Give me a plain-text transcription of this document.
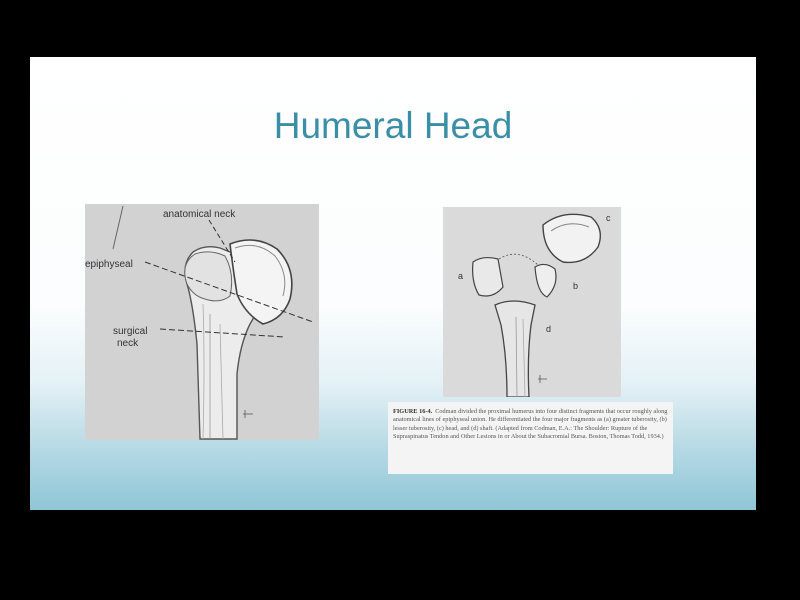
Humeral Head
anatomical neck
epiphyseal
surgical
neck
a
b
c
d
FIGURE 16-4. Codman divided the proximal humerus into four distinct fragments that occur roughly along anatomical lines of epiphyseal union. He differentiated the four major fragments as (a) greater tuberosity, (b) lesser tuberosity, (c) head, and (d) shaft. (Adapted from Codman, E.A.: The Shoulder: Rupture of the Supraspinatus Tendon and Other Lesions in or About the Subacromial Bursa. Boston, Thomas Todd, 1934.)
